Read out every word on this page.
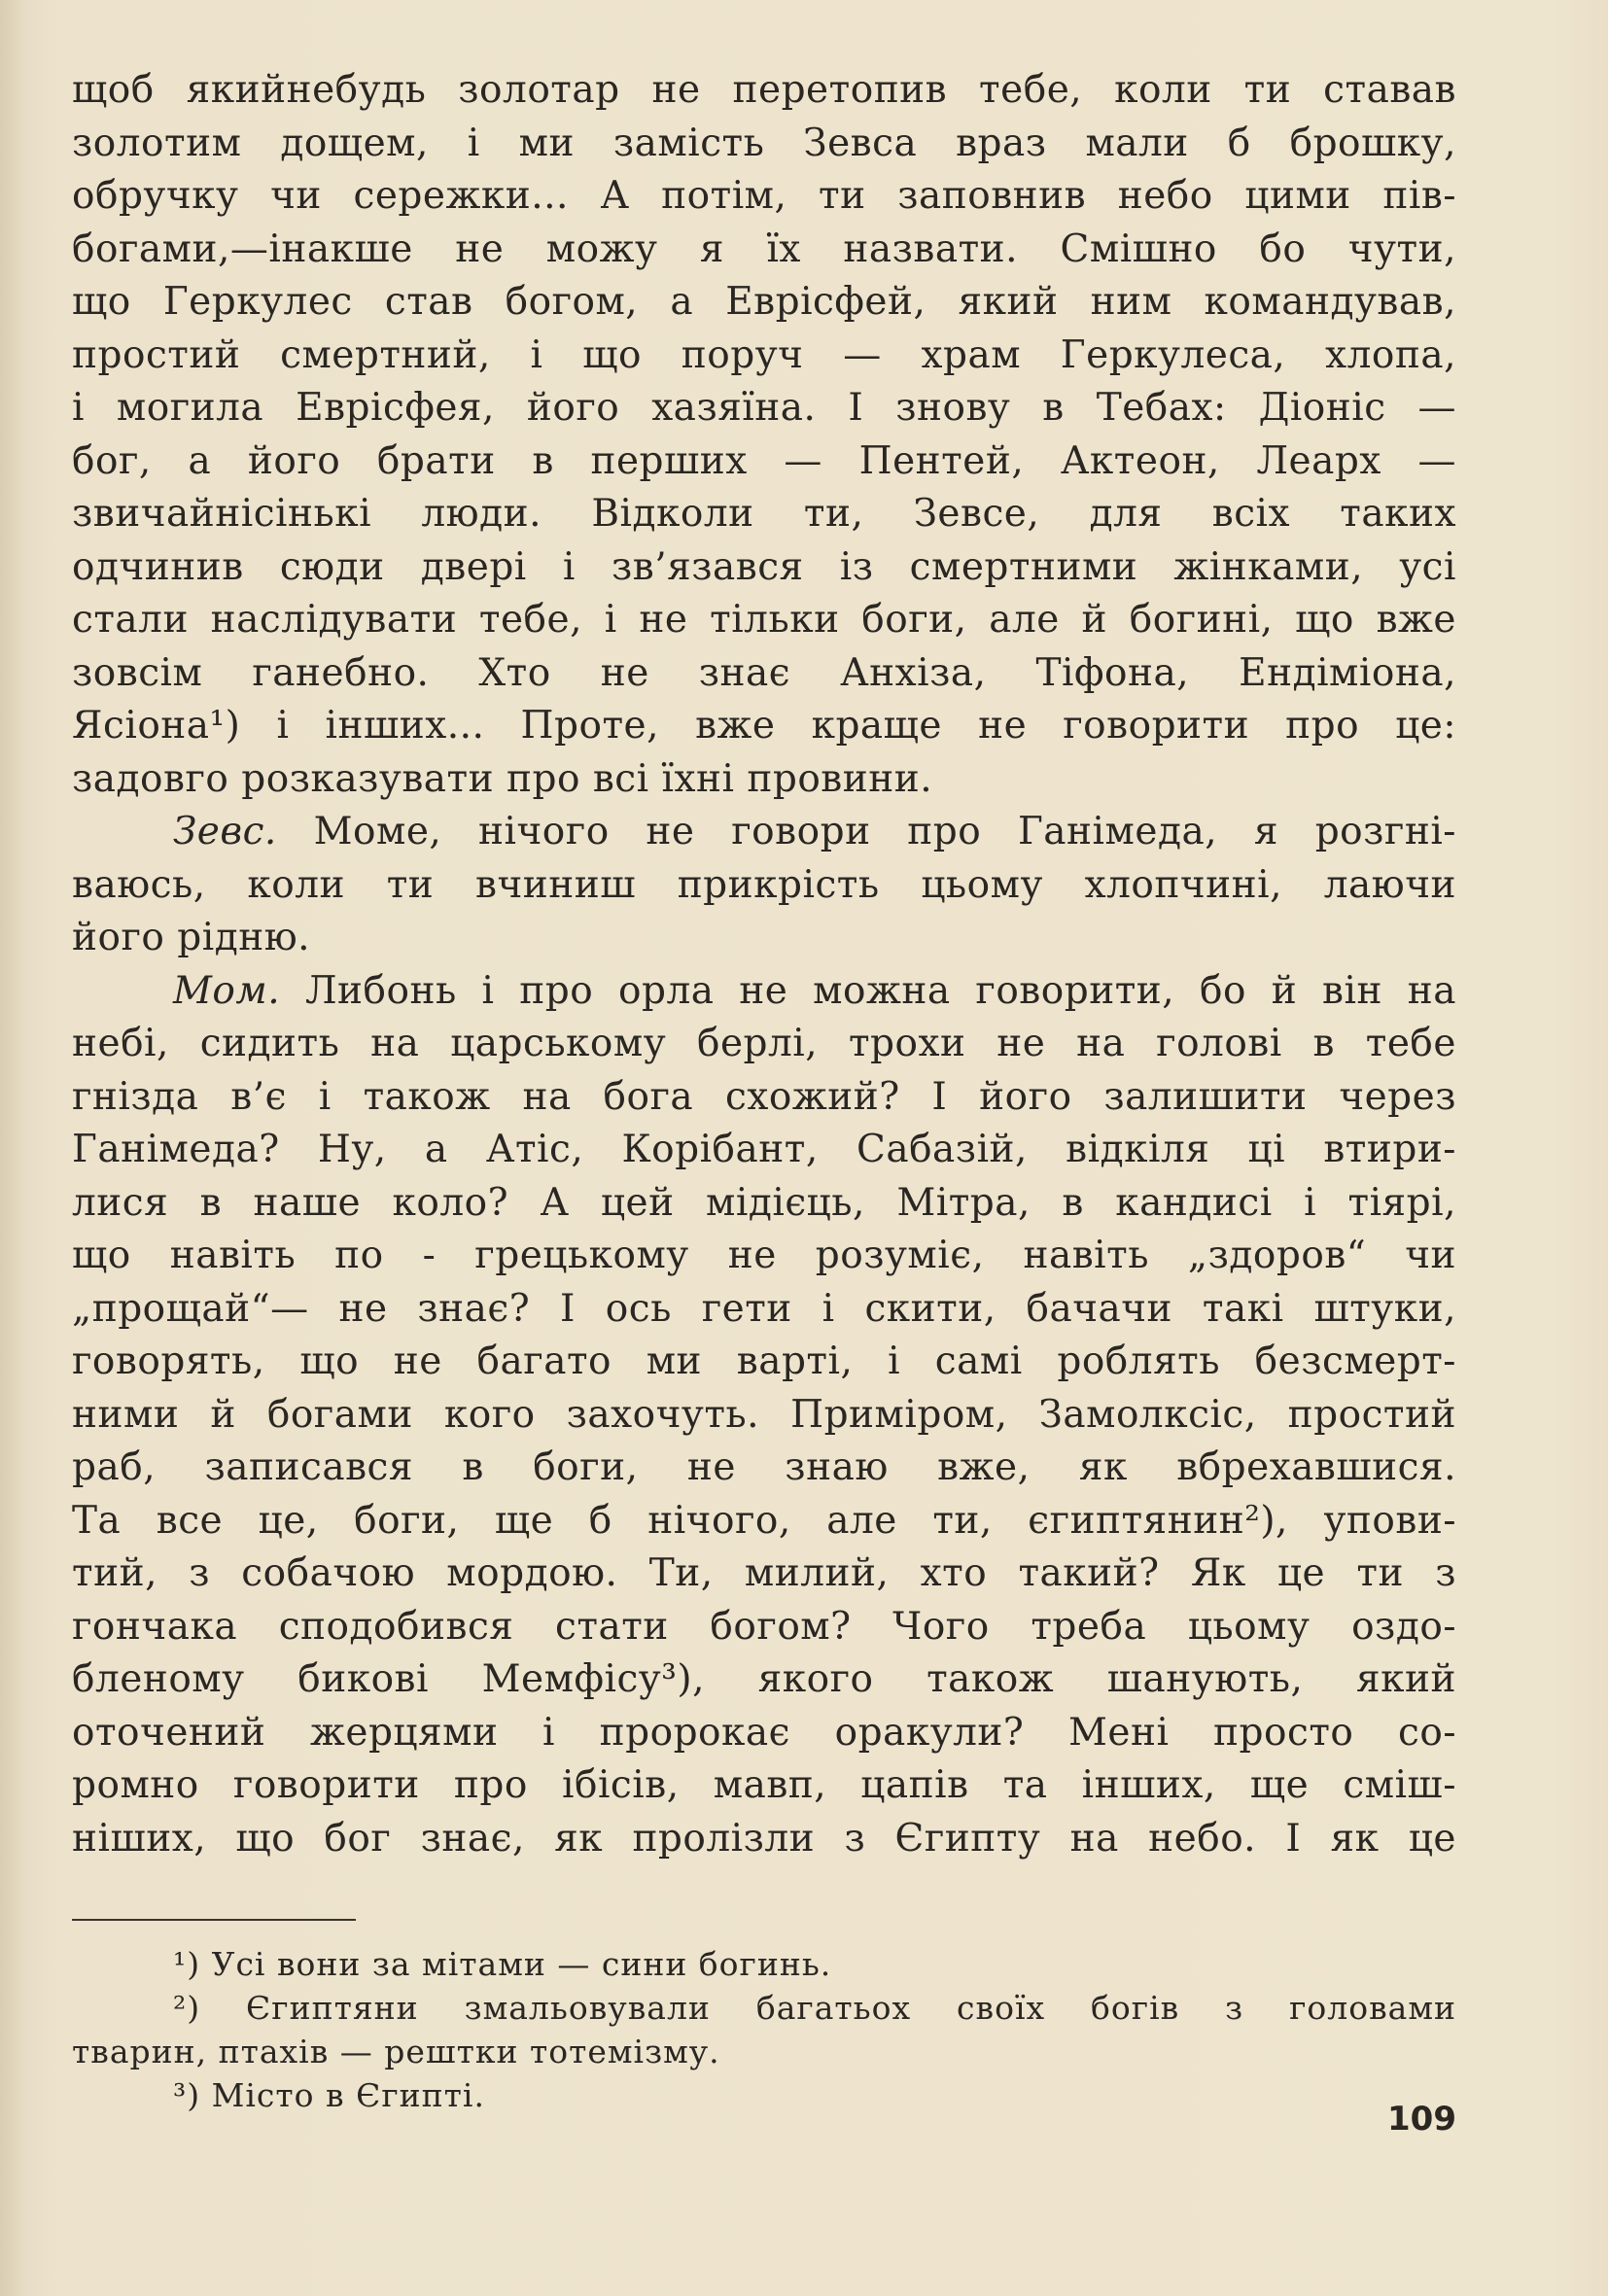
щоб якийнебудь золотар не перетопив тебе, коли ти ставав
золотим дощем, і ми замість Зевса враз мали б брошку,
обручку чи сережки... А потім, ти заповнив небо цими пів-
богами,—інакше не можу я їх назвати. Смішно бо чути,
що Геркулес став богом, а Еврісфей, який ним командував,
простий смертний, і що поруч — храм Геркулеса, хлопа,
і могила Еврісфея, його хазяїна. І знову в Тебах: Діоніс —
бог, а його брати в перших — Пентей, Актеон, Леарх —
звичайнісінькі люди. Відколи ти, Зевсе, для всіх таких
одчинив сюди двері і зв’язався із смертними жінками, усі
стали наслідувати тебе, і не тільки боги, але й богині, що вже
зовсім ганебно. Хто не знає Анхіза, Тіфона, Ендіміона,
Ясіона¹) і інших... Проте, вже краще не говорити про це:
задовго розказувати про всі їхні провини.
Зевс. Моме, нічого не говори про Ганімеда, я розгні-
ваюсь, коли ти вчиниш прикрість цьому хлопчині, лаючи
його рідню.
Мом. Либонь і про орла не можна говорити, бо й він на
небі, сидить на царському берлі, трохи не на голові в тебе
гнізда в’є і також на бога схожий? І його залишити через
Ганімеда? Ну, а Атіс, Корібант, Сабазій, відкіля ці втири-
лися в наше коло? А цей мідієць, Мітра, в кандисі і тіярі,
що навіть по - грецькому не розуміє, навіть „здоров“ чи
„прощай“— не знає? І ось гети і скити, бачачи такі штуки,
говорять, що не багато ми варті, і самі роблять безсмерт-
ними й богами кого захочуть. Приміром, Замолксіс, простий
раб, записався в боги, не знаю вже, як вбрехавшися.
Та все це, боги, ще б нічого, але ти, єгиптянин²), упови-
тий, з собачою мордою. Ти, милий, хто такий? Як це ти з
гончака сподобився стати богом? Чого треба цьому оздо-
бленому бикові Мемфісу³), якого також шанують, який
оточений жерцями і пророкає оракули? Мені просто со-
ромно говорити про ібісів, мавп, цапів та інших, ще сміш-
ніших, що бог знає, як пролізли з Єгипту на небо. І як це
¹) Усі вони за мітами — сини богинь.
²) Єгиптяни змальовували багатьох своїх богів з головами
тварин, птахів — рештки тотемізму.
³) Місто в Єгипті.
109
